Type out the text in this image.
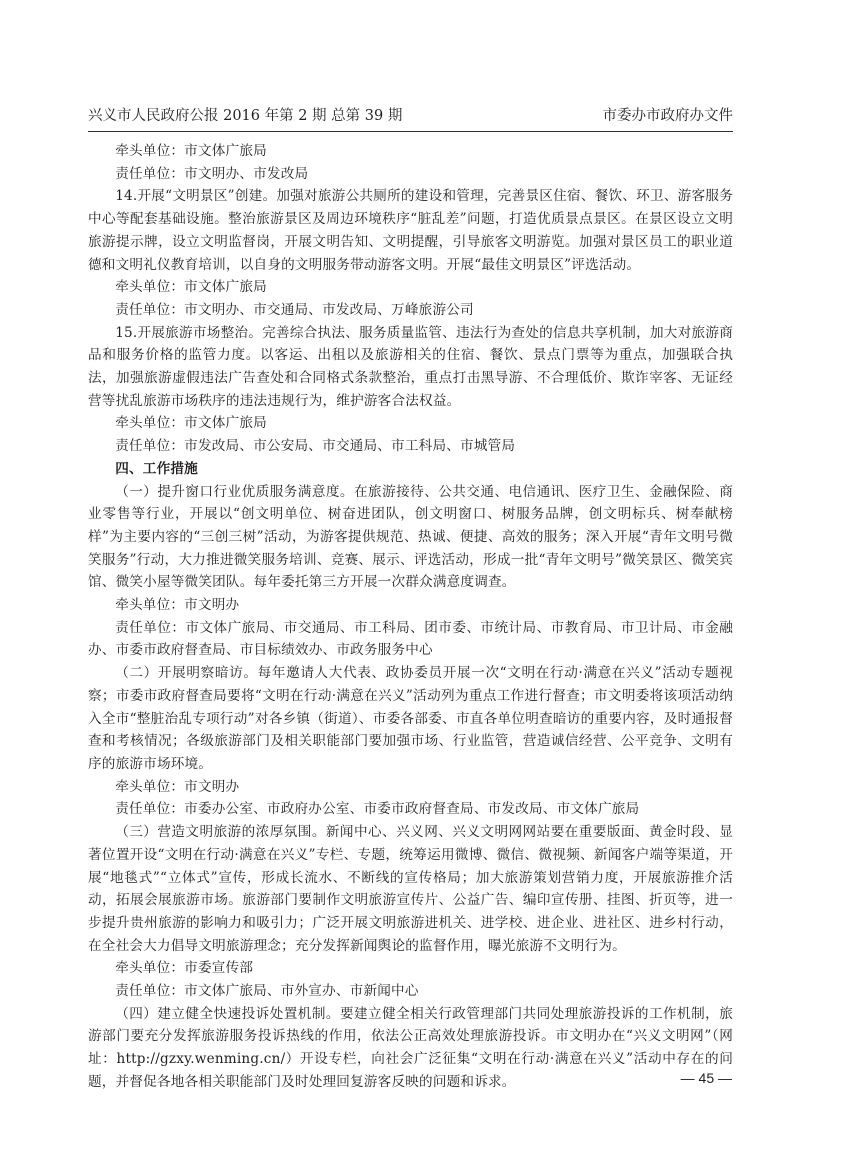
兴义市人民政府公报 2016 年第 2 期 总第 39 期	市委办市政府办文件

牵头单位：市文体广旅局

责任单位：市文明办、市发改局

14.开展“文明景区”创建。加强对旅游公共厕所的建设和管理，完善景区住宿、餐饮、环卫、游客服务中心等配套基础设施。整治旅游景区及周边环境秩序“脏乱差”问题，打造优质景点景区。在景区设立文明旅游提示牌，设立文明监督岗，开展文明告知、文明提醒，引导旅客文明游览。加强对景区员工的职业道德和文明礼仪教育培训，以自身的文明服务带动游客文明。开展“最佳文明景区”评选活动。

牵头单位：市文体广旅局

责任单位：市文明办、市交通局、市发改局、万峰旅游公司

15.开展旅游市场整治。完善综合执法、服务质量监管、违法行为查处的信息共享机制，加大对旅游商品和服务价格的监管力度。以客运、出租以及旅游相关的住宿、餐饮、景点门票等为重点，加强联合执法，加强旅游虚假违法广告查处和合同格式条款整治，重点打击黑导游、不合理低价、欺诈宰客、无证经营等扰乱旅游市场秩序的违法违规行为，维护游客合法权益。

牵头单位：市文体广旅局

责任单位：市发改局、市公安局、市交通局、市工科局、市城管局

四、工作措施

（一）提升窗口行业优质服务满意度。在旅游接待、公共交通、电信通讯、医疗卫生、金融保险、商业零售等行业，开展以“创文明单位、树奋进团队，创文明窗口、树服务品牌，创文明标兵、树奉献榜样”为主要内容的“三创三树”活动，为游客提供规范、热诚、便捷、高效的服务；深入开展“青年文明号微笑服务”行动，大力推进微笑服务培训、竞赛、展示、评选活动，形成一批“青年文明号”微笑景区、微笑宾馆、微笑小屋等微笑团队。每年委托第三方开展一次群众满意度调查。

牵头单位：市文明办

责任单位：市文体广旅局、市交通局、市工科局、团市委、市统计局、市教育局、市卫计局、市金融办、市委市政府督查局、市目标绩效办、市政务服务中心

（二）开展明察暗访。每年邀请人大代表、政协委员开展一次“文明在行动·满意在兴义”活动专题视察；市委市政府督查局要将“文明在行动·满意在兴义”活动列为重点工作进行督查；市文明委将该项活动纳入全市“整脏治乱专项行动”对各乡镇（街道）、市委各部委、市直各单位明查暗访的重要内容，及时通报督查和考核情况；各级旅游部门及相关职能部门要加强市场、行业监管，营造诚信经营、公平竞争、文明有序的旅游市场环境。

牵头单位：市文明办

责任单位：市委办公室、市政府办公室、市委市政府督查局、市发改局、市文体广旅局

（三）营造文明旅游的浓厚氛围。新闻中心、兴义网、兴义文明网网站要在重要版面、黄金时段、显著位置开设“文明在行动·满意在兴义”专栏、专题，统筹运用微博、微信、微视频、新闻客户端等渠道，开展“地毯式”“立体式”宣传，形成长流水、不断线的宣传格局；加大旅游策划营销力度，开展旅游推介活动，拓展会展旅游市场。旅游部门要制作文明旅游宣传片、公益广告、编印宣传册、挂图、折页等，进一步提升贵州旅游的影响力和吸引力；广泛开展文明旅游进机关、进学校、进企业、进社区、进乡村行动，在全社会大力倡导文明旅游理念；充分发挥新闻舆论的监督作用，曝光旅游不文明行为。

牵头单位：市委宣传部

责任单位：市文体广旅局、市外宣办、市新闻中心

（四）建立健全快速投诉处置机制。要建立健全相关行政管理部门共同处理旅游投诉的工作机制，旅游部门要充分发挥旅游服务投诉热线的作用，依法公正高效处理旅游投诉。市文明办在“兴义文明网”（网址：http://gzxy.wenming.cn/）开设专栏，向社会广泛征集“文明在行动·满意在兴义”活动中存在的问题，并督促各地各相关职能部门及时处理回复游客反映的问题和诉求。	— 45 —
